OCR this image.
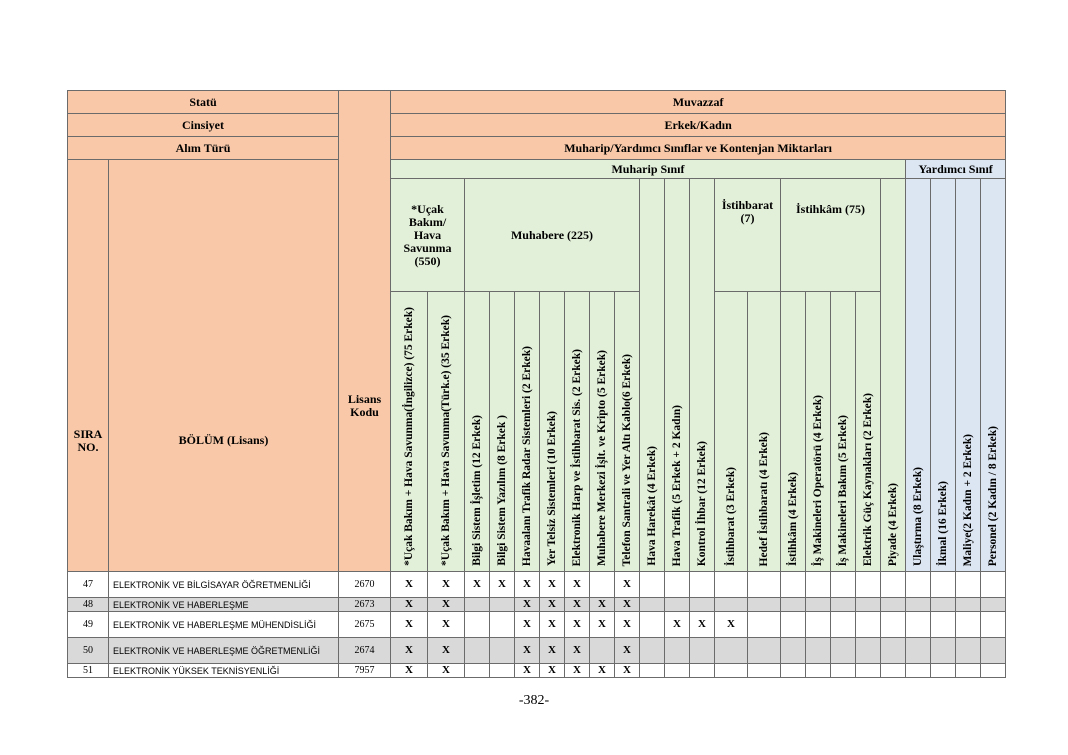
Statü		Lisans Kodu	Muvazzaf																						
Cinsiyet			Erkek/Kadın																						
Alım Türü			Muharip/Yardımcı Sınıflar ve Kontenjan Miktarları																						
SIRA NO.	BÖLÜM (Lisans)		Muharip Sınıf																			Yardımcı Sınıf			
			*Uçak Bakım/ Hava Savunma (550)		Muhabere (225)							Hava Harekât (4 Erkek)	Hava Trafik (5 Erkek + 2 Kadın)	Kontrol İhbar (12 Erkek)	İstihbarat (7)		İstihkâm (75)				Piyade (4 Erkek)	Ulaştırma (8 Erkek)	İkmal (16 Erkek)	Maliye(2 Kadın + 2 Erkek)	Personel (2 Kadın / 8 Erkek)
			*Uçak Bakım + Hava Savunma(İngilizce) (75 Erkek)	*Uçak Bakım + Hava Savunma(Türk.e) (35 Erkek)	Bilgi Sistem İşletim (12 Erkek)	Bilgi Sistem Yazılım (8 Erkek )	Havaalanı Trafik Radar Sistemleri (2 Erkek)	Yer Telsiz Sistemleri (10 Erkek)	Elektronik Harp ve İstihbarat Sis. (2 Erkek)	Muhabere Merkezi İşlt. ve Kripto (5 Erkek)	Telefon Santrali ve Yer Altı Kablo(6 Erkek)				İstihbarat (3 Erkek)	Hedef İstihbaratı (4 Erkek)	İstihkâm (4 Erkek)	İş Makineleri Operatörü (4 Erkek)	İş Makineleri Bakım (5 Erkek)	Elektrik Güç Kaynakları (2 Erkek)					
47	ELEKTRONİK VE BİLGİSAYAR ÖĞRETMENLİĞİ	2670	X	X	X	X	X	X	X		X														
48	ELEKTRONİK VE HABERLEŞME	2673	X	X			X	X	X	X	X														
49	ELEKTRONİK VE HABERLEŞME MÜHENDİSLİĞİ	2675	X	X			X	X	X	X	X		X	X	X										
50	ELEKTRONİK VE HABERLEŞME ÖĞRETMENLİĞİ	2674	X	X			X	X	X		X														
51	ELEKTRONİK YÜKSEK TEKNİSYENLİĞİ	7957	X	X			X	X	X	X	X														
-382-
